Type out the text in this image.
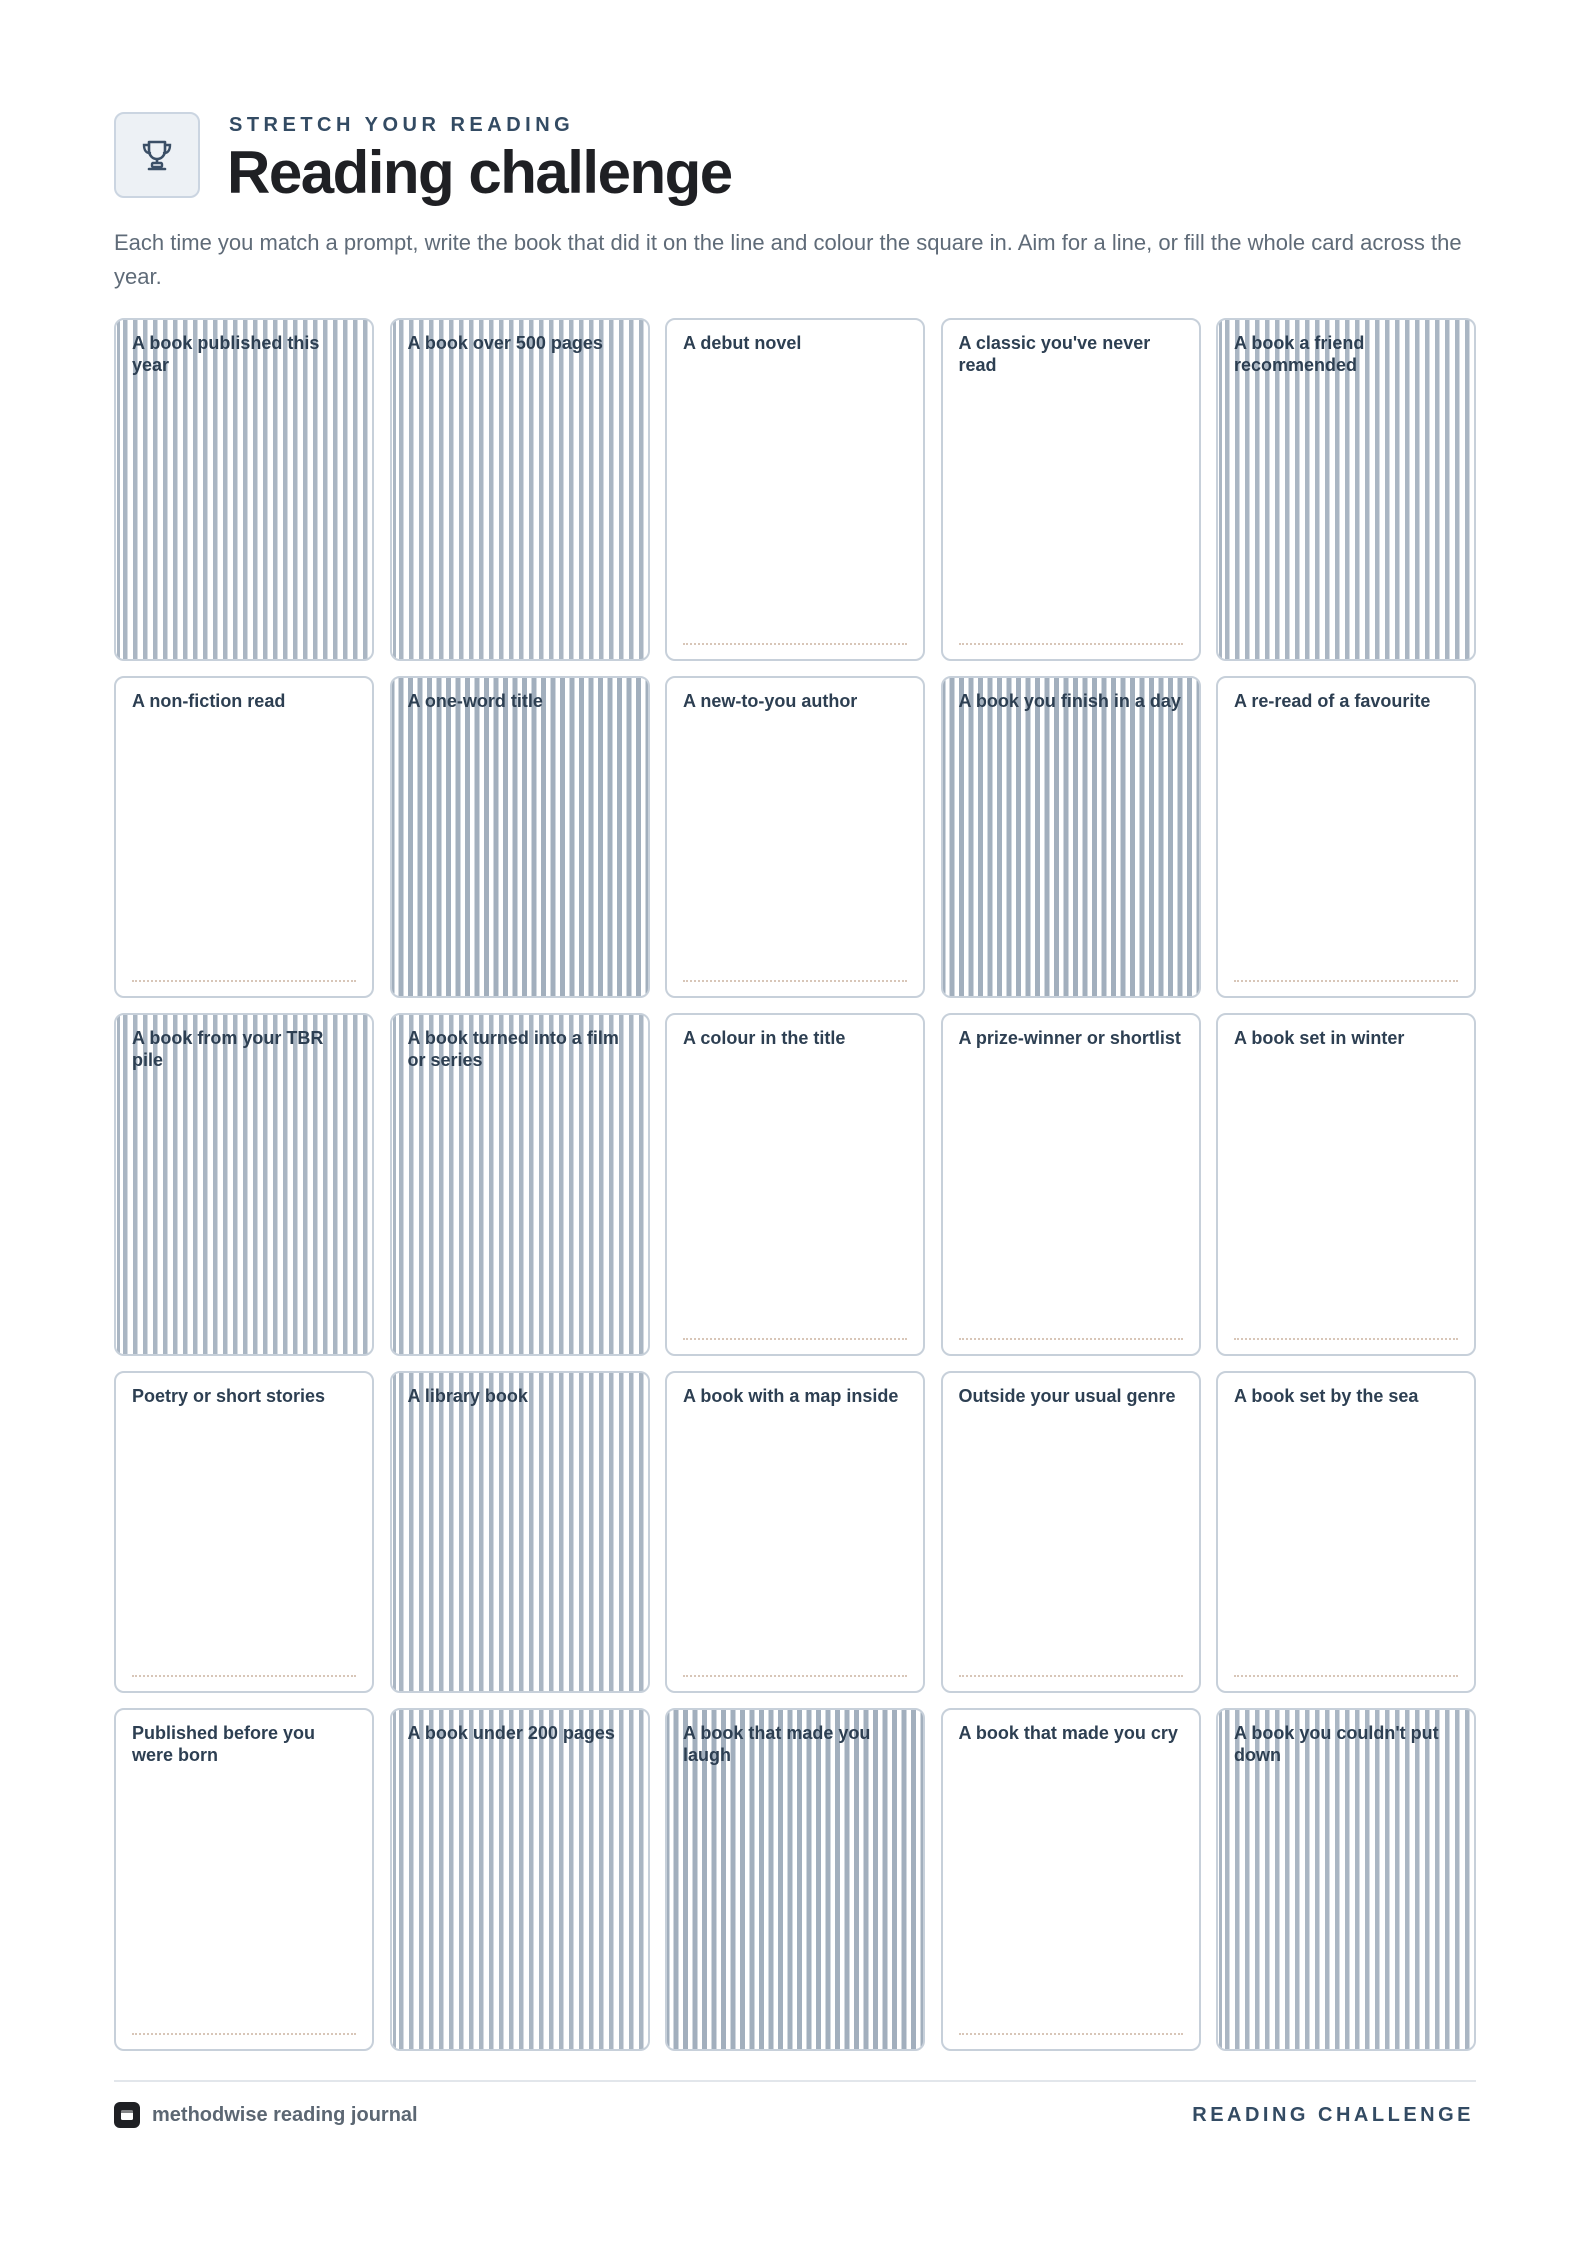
STRETCH YOUR READING
Reading challenge

Each time you match a prompt, write the book that did it on the line and colour the square in. Aim for a line, or fill the whole card across the year.

A book published this year
A book over 500 pages	A debut novel	A classic you've never read
A book a friend recommended
A non-fiction read	A one-word title	A new-to-you author	A book you finish in a day	A re-read of a favourite
A book from your TBR pile
A book turned into a film or series
A colour in the title	A prize-winner or shortlist	A book set in winter
Poetry or short stories	A library book	A book with a map inside	Outside your usual genre	A book set by the sea
Published before you were born
A book under 200 pages	A book that made you laugh
A book that made you cry	A book you couldn't put down
methodwise reading journal	READING CHALLENGE
